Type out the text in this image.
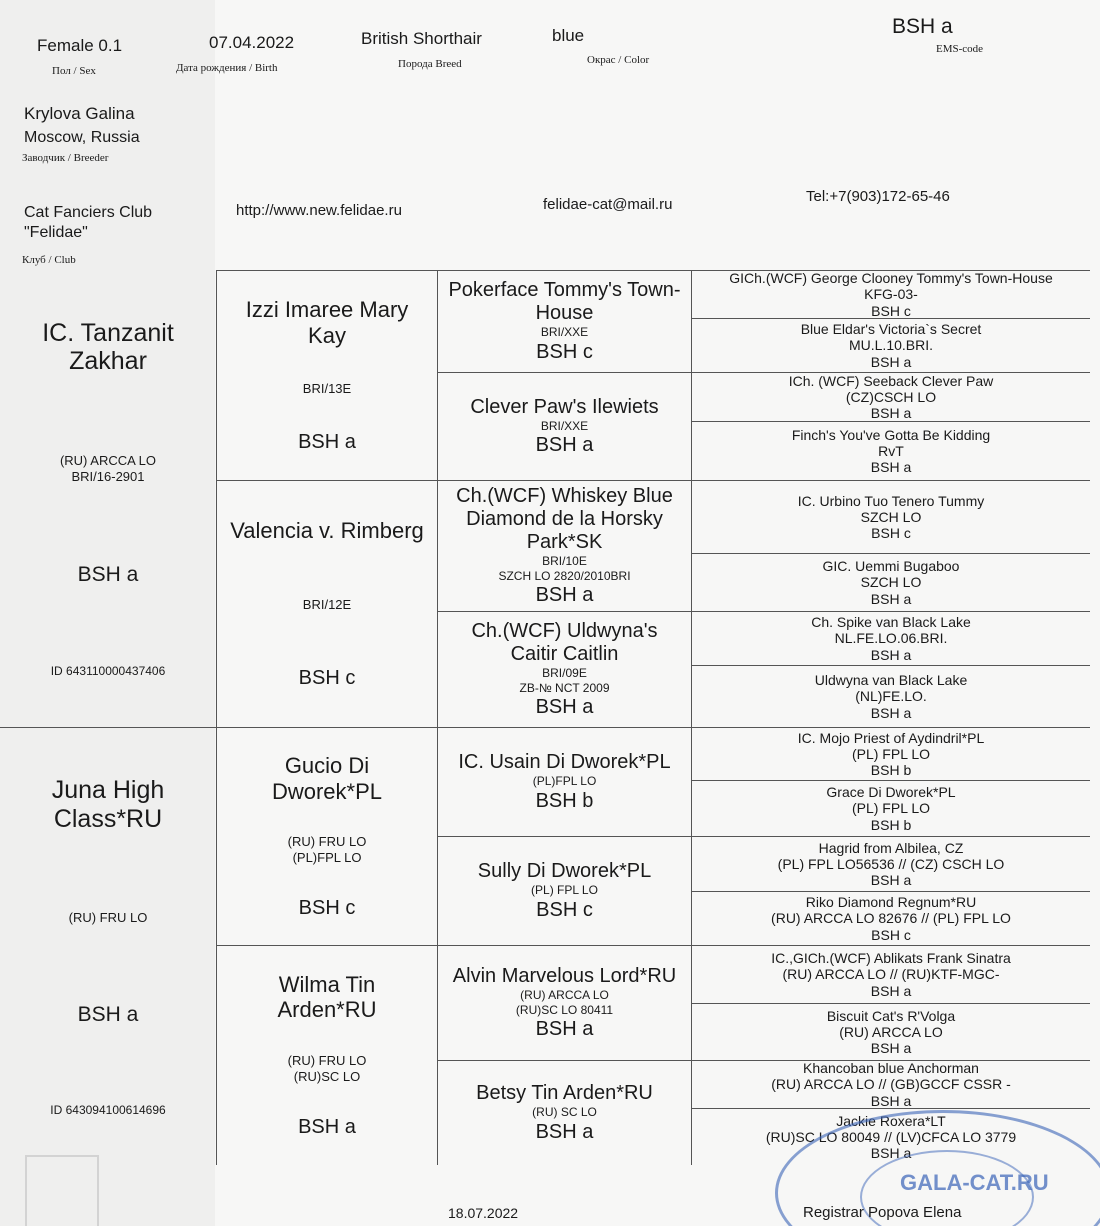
Female 0.1
Пол / Sex
07.04.2022
Дата рождения / Birth
British Shorthair
Порода Breed
blue
Окрас / Color
BSH a
EMS-code
Krylova Galina
Moscow, Russia
Заводчик / Breeder
Cat Fanciers Club
"Felidae"
Клуб / Club
http://www.new.felidae.ru	felidae-cat@mail.ru	Tel:+7(903)172-65-46
IC. Tanzanit Zakhar
(RU) ARCCA LO
BRI/16-2901
BSH a
ID 643110000437406
Juna High Class*RU
(RU) FRU LO
BSH a
ID 643094100614696
Izzi Imaree Mary Kay
BRI/13E
BSH a
Valencia v. Rimberg
BRI/12E
BSH c
Gucio Di Dworek*PL
(RU) FRU LO
(PL)FPL LO
BSH c
Wilma Tin Arden*RU
(RU) FRU LO
(RU)SC LO
BSH a
Pokerface Tommy's Town-House
BRI/XXE
BSH c
Clever Paw's Ilewiets
BRI/XXE
BSH a
Ch.(WCF) Whiskey Blue Diamond de la Horsky Park*SK
BRI/10E
SZCH LO 2820/2010BRI
BSH a
Ch.(WCF) Uldwyna's Caitir Caitlin
BRI/09E
ZB-№ NCT 2009
BSH a
IC. Usain Di Dworek*PL
(PL)FPL LO
BSH b
Sully Di Dworek*PL
(PL) FPL LO
BSH c
Alvin Marvelous Lord*RU
(RU) ARCCA LO
(RU)SC LO 80411
BSH a
Betsy Tin Arden*RU
(RU) SC LO
BSH a
GICh.(WCF) George Clooney Tommy's Town-House
KFG-03-
BSH c
Blue Eldar's Victoria`s Secret
MU.L.10.BRI.
BSH a
ICh. (WCF) Seeback Clever Paw
(CZ)CSCH LO
BSH a
Finch's You've Gotta Be Kidding
RvT
BSH a
IC. Urbino Tuo Tenero Tummy
SZCH LO
BSH c
GIC. Uemmi Bugaboo
SZCH LO
BSH a
Ch. Spike van Black Lake
NL.FE.LO.06.BRI.
BSH a
Uldwyna van Black Lake
(NL)FE.LO.
BSH a
IC. Mojo Priest of Aydindril*PL
(PL) FPL LO
BSH b
Grace Di Dworek*PL
(PL) FPL LO
BSH b
Hagrid from Albilea, CZ
(PL) FPL LO56536 // (CZ) CSCH LO
BSH a
Riko Diamond Regnum*RU
(RU) ARCCA LO 82676 // (PL) FPL LO
BSH c
IC.,GICh.(WCF) Ablikats Frank Sinatra
(RU) ARCCA LO // (RU)KTF-MGC-
BSH a
Biscuit Cat's R'Volga
(RU) ARCCA LO
BSH a
Khancoban blue Anchorman
(RU) ARCCA LO // (GB)GCCF CSSR -
BSH a
Jackie Roxera*LT
(RU)SC LO 80049 // (LV)CFCA LO 3779
BSH a
18.07.2022
GALA-CAT.RU
Registrar Popova Elena
